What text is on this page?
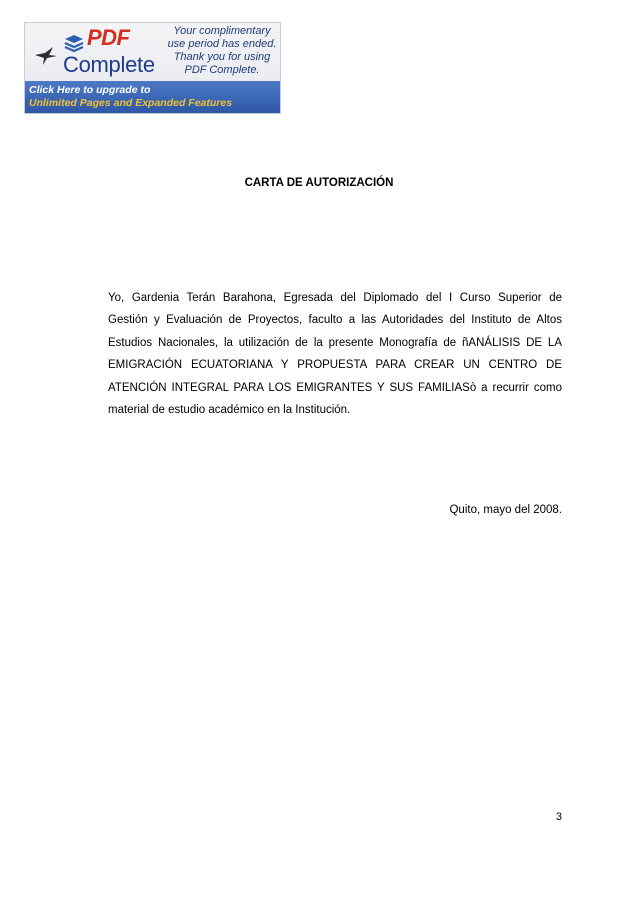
PDF
Complete
Your complimentary
use period has ended.
Thank you for using
PDF Complete.
Click Here to upgrade to
Unlimited Pages and Expanded Features
CARTA DE AUTORIZACIÓN
Yo, Gardenia Terán Barahona, Egresada del Diplomado del I Curso Superior de
Gestión y Evaluación de Proyectos, faculto a las Autoridades del Instituto de Altos
Estudios Nacionales, la utilización de la presente Monografía de ñANÁLISIS DE LA
EMIGRACIÓN ECUATORIANA Y PROPUESTA PARA CREAR UN CENTRO DE
ATENCIÓN INTEGRAL PARA LOS EMIGRANTES Y SUS FAMILIASò a recurrir como
material de estudio académico en la Institución.
Quito, mayo del 2008.
3
